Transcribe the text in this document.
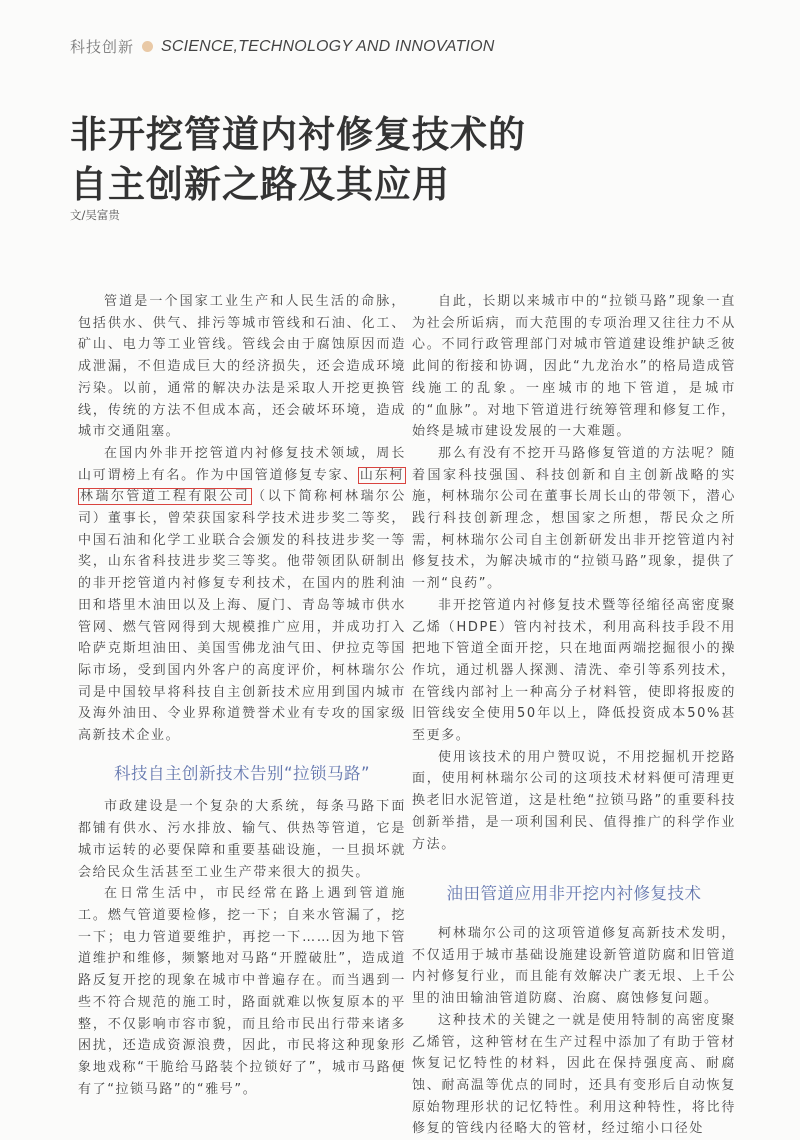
科技创新 SCIENCE,TECHNOLOGY AND INNOVATION
非开挖管道内衬修复技术的
自主创新之路及其应用
文/吴富贵

管道是一个国家工业生产和人民生活的命脉，包括供水、供气、排污等城市管线和石油、化工、矿山、电力等工业管线。管线会由于腐蚀原因而造成泄漏，不但造成巨大的经济损失，还会造成环境污染。以前，通常的解决办法是采取人开挖更换管线，传统的方法不但成本高，还会破坏环境，造成城市交通阻塞。

在国内外非开挖管道内衬修复技术领域，周长山可谓榜上有名。作为中国管道修复专家、 山东柯林瑞尔管道工程有限公司 （以下简称柯林瑞尔公司）董事长，曾荣获国家科学技术进步奖二等奖，中国石油和化学工业联合会颁发的科技进步奖一等奖，山东省科技进步奖三等奖。他带领团队研制出的非开挖管道内衬修复专利技术，在国内的胜利油田和塔里木油田以及上海、厦门、青岛等城市供水管网、燃气管网得到大规模推广应用，并成功打入哈萨克斯坦油田、美国雪佛龙油气田、伊拉克等国际市场，受到国内外客户的高度评价，柯林瑞尔公司是中国较早将科技自主创新技术应用到国内城市及海外油田、令业界称道赞誉术业有专攻的国家级高新技术企业。

科技自主创新技术告别“拉锁马路”

市政建设是一个复杂的大系统，每条马路下面都铺有供水、污水排放、输气、供热等管道，它是城市运转的必要保障和重要基础设施，一旦损坏就会给民众生活甚至工业生产带来很大的损失。

在日常生活中，市民经常在路上遇到管道施工。燃气管道要检修，挖一下；自来水管漏了，挖一下；电力管道要维护，再挖一下……因为地下管道维护和维修，频繁地对马路“开膛破肚”，造成道路反复开挖的现象在城市中普遍存在。而当遇到一些不符合规范的施工时，路面就难以恢复原本的平整，不仅影响市容市貌，而且给市民出行带来诸多困扰，还造成资源浪费，因此，市民将这种现象形象地戏称“干脆给马路装个拉锁好了”，城市马路便有了“拉锁马路”的“雅号”。

自此，长期以来城市中的“拉锁马路”现象一直为社会所诟病，而大范围的专项治理又往往力不从心。不同行政管理部门对城市管道建设维护缺乏彼此间的衔接和协调，因此“九龙治水”的格局造成管线施工的乱象。一座城市的地下管道，是城市的“血脉”。对地下管道进行统筹管理和修复工作，始终是城市建设发展的一大难题。

那么有没有不挖开马路修复管道的方法呢？随着国家科技强国、科技创新和自主创新战略的实施，柯林瑞尔公司在董事长周长山的带领下，潜心践行科技创新理念，想国家之所想，帮民众之所需，柯林瑞尔公司自主创新研发出非开挖管道内衬修复技术，为解决城市的“拉锁马路”现象，提供了一剂“良药”。

非开挖管道内衬修复技术暨等径缩径高密度聚乙烯（HDPE）管内衬技术，利用高科技手段不用把地下管道全面开挖，只在地面两端挖掘很小的操作坑，通过机器人探测、清洗、牵引等系列技术，在管线内部衬上一种高分子材料管，使即将报废的旧管线安全使用50年以上，降低投资成本50%甚至更多。

使用该技术的用户赞叹说，不用挖掘机开挖路面，使用柯林瑞尔公司的这项技术材料便可清理更换老旧水泥管道，这是杜绝“拉锁马路”的重要科技创新举措，是一项利国利民、值得推广的科学作业方法。

油田管道应用非开挖内衬修复技术

柯林瑞尔公司的这项管道修复高新技术发明，不仅适用于城市基础设施建设新管道防腐和旧管道内衬修复行业，而且能有效解决广袤无垠、上千公里的油田输油管道防腐、治腐、腐蚀修复问题。

这种技术的关键之一就是使用特制的高密度聚乙烯管，这种管材在生产过程中添加了有助于管材恢复记忆特性的材料，因此在保持强度高、耐腐蚀、耐高温等优点的同时，还具有变形后自动恢复原始物理形状的记忆特性。利用这种特性，将比待修复的管线内径略大的管材，经过缩小口径处
